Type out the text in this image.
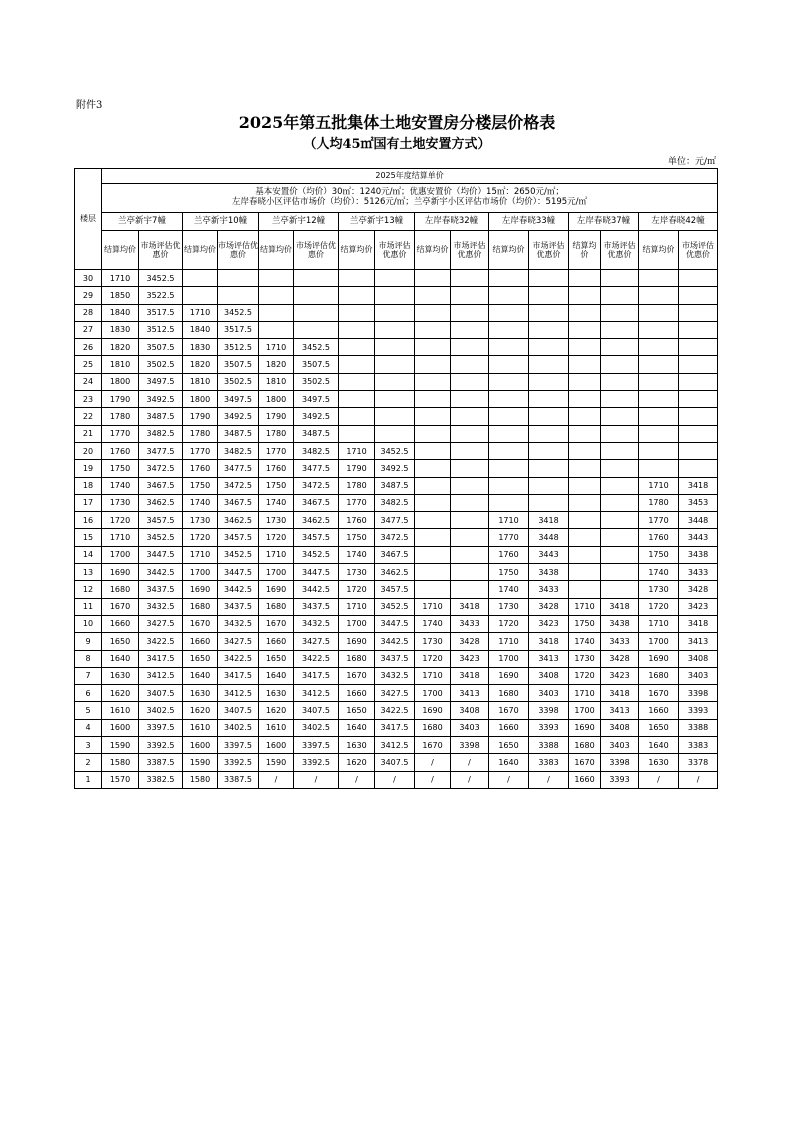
附件3
2025年第五批集体土地安置房分楼层价格表
（人均45㎡国有土地安置方式）
单位：元/㎡
楼层	2025年度结算单价															

	基本安置价（均价）30㎡：1240元/㎡；优惠安置价（均价）15㎡：2650元/㎡；
左岸春晓小区评估市场价（均价）：5126元/㎡；兰亭新宇小区评估市场价（均价）：5195元/㎡															

	兰亭新宇7幢		兰亭新宇10幢		兰亭新宇12幢		兰亭新宇13幢		左岸春晓32幢		左岸春晓33幢		左岸春晓37幢		左岸春晓42幢	
	结算均价	市场评估优惠价	结算均价	市场评估优惠价	结算均价	市场评估优惠价	结算均价	市场评估优惠价	结算均价	市场评估优惠价	结算均价	市场评估优惠价	结算均价	市场评估优惠价	结算均价	市场评估优惠价
30	1710	3452.5														
29	1850	3522.5														
28	1840	3517.5	1710	3452.5												
27	1830	3512.5	1840	3517.5												
26	1820	3507.5	1830	3512.5	1710	3452.5										
25	1810	3502.5	1820	3507.5	1820	3507.5										
24	1800	3497.5	1810	3502.5	1810	3502.5										
23	1790	3492.5	1800	3497.5	1800	3497.5										
22	1780	3487.5	1790	3492.5	1790	3492.5										
21	1770	3482.5	1780	3487.5	1780	3487.5										
20	1760	3477.5	1770	3482.5	1770	3482.5	1710	3452.5								
19	1750	3472.5	1760	3477.5	1760	3477.5	1790	3492.5								
18	1740	3467.5	1750	3472.5	1750	3472.5	1780	3487.5							1710	3418
17	1730	3462.5	1740	3467.5	1740	3467.5	1770	3482.5							1780	3453
16	1720	3457.5	1730	3462.5	1730	3462.5	1760	3477.5			1710	3418			1770	3448
15	1710	3452.5	1720	3457.5	1720	3457.5	1750	3472.5			1770	3448			1760	3443
14	1700	3447.5	1710	3452.5	1710	3452.5	1740	3467.5			1760	3443			1750	3438
13	1690	3442.5	1700	3447.5	1700	3447.5	1730	3462.5			1750	3438			1740	3433
12	1680	3437.5	1690	3442.5	1690	3442.5	1720	3457.5			1740	3433			1730	3428
11	1670	3432.5	1680	3437.5	1680	3437.5	1710	3452.5	1710	3418	1730	3428	1710	3418	1720	3423
10	1660	3427.5	1670	3432.5	1670	3432.5	1700	3447.5	1740	3433	1720	3423	1750	3438	1710	3418
9	1650	3422.5	1660	3427.5	1660	3427.5	1690	3442.5	1730	3428	1710	3418	1740	3433	1700	3413
8	1640	3417.5	1650	3422.5	1650	3422.5	1680	3437.5	1720	3423	1700	3413	1730	3428	1690	3408
7	1630	3412.5	1640	3417.5	1640	3417.5	1670	3432.5	1710	3418	1690	3408	1720	3423	1680	3403
6	1620	3407.5	1630	3412.5	1630	3412.5	1660	3427.5	1700	3413	1680	3403	1710	3418	1670	3398
5	1610	3402.5	1620	3407.5	1620	3407.5	1650	3422.5	1690	3408	1670	3398	1700	3413	1660	3393
4	1600	3397.5	1610	3402.5	1610	3402.5	1640	3417.5	1680	3403	1660	3393	1690	3408	1650	3388
3	1590	3392.5	1600	3397.5	1600	3397.5	1630	3412.5	1670	3398	1650	3388	1680	3403	1640	3383
2	1580	3387.5	1590	3392.5	1590	3392.5	1620	3407.5	/	/	1640	3383	1670	3398	1630	3378
1	1570	3382.5	1580	3387.5	/	/	/	/	/	/	/	/	1660	3393	/	/
